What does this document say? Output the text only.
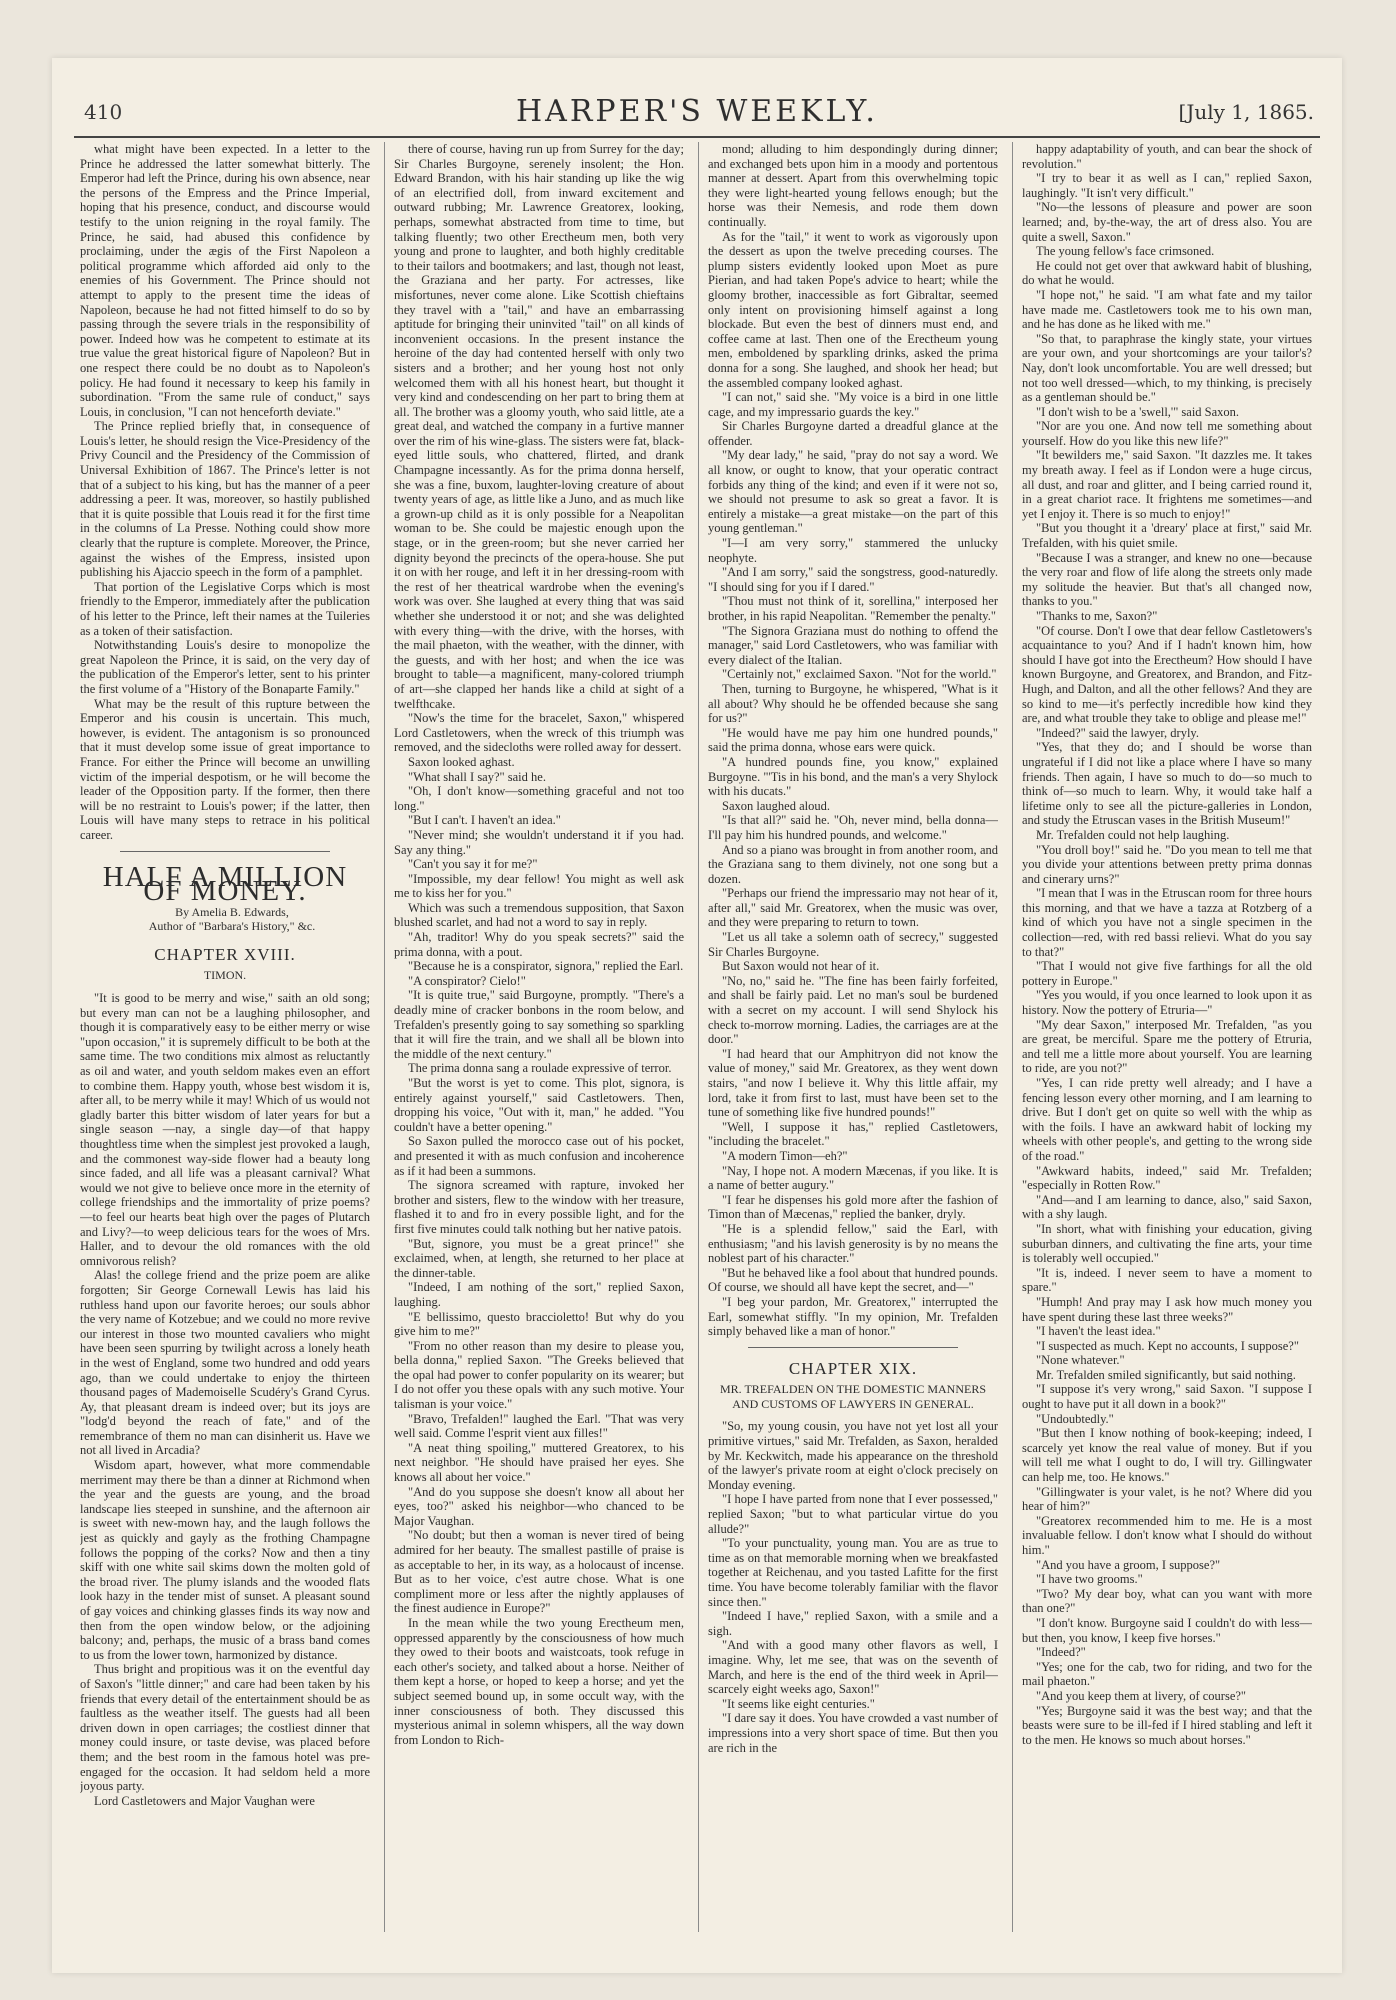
410	HARPER'S WEEKLY.	[July 1, 1865.

what might have been expected. In a letter to the Prince he addressed the latter somewhat bitterly. The Emperor had left the Prince, during his own absence, near the persons of the Empress and the Prince Imperial, hoping that his presence, conduct, and discourse would testify to the union reigning in the royal family. The Prince, he said, had abused this confidence by proclaiming, under the ægis of the First Napoleon a political programme which afforded aid only to the enemies of his Government. The Prince should not attempt to apply to the present time the ideas of Napoleon, because he had not fitted himself to do so by passing through the severe trials in the responsibility of power. Indeed how was he competent to estimate at its true value the great historical figure of Napoleon? But in one respect there could be no doubt as to Napoleon's policy. He had found it necessary to keep his family in subordination. "From the same rule of conduct," says Louis, in conclusion, "I can not henceforth deviate."

The Prince replied briefly that, in consequence of Louis's letter, he should resign the Vice-Presidency of the Privy Council and the Presidency of the Commission of Universal Exhibition of 1867. The Prince's letter is not that of a subject to his king, but has the manner of a peer addressing a peer. It was, moreover, so hastily published that it is quite possible that Louis read it for the first time in the columns of La Presse. Nothing could show more clearly that the rupture is complete. Moreover, the Prince, against the wishes of the Empress, insisted upon publishing his Ajaccio speech in the form of a pamphlet.

That portion of the Legislative Corps which is most friendly to the Emperor, immediately after the publication of his letter to the Prince, left their names at the Tuileries as a token of their satisfaction.

Notwithstanding Louis's desire to monopolize the great Napoleon the Prince, it is said, on the very day of the publication of the Emperor's letter, sent to his printer the first volume of a "History of the Bonaparte Family."

What may be the result of this rupture between the Emperor and his cousin is uncertain. This much, however, is evident. The antagonism is so pronounced that it must develop some issue of great importance to France. For either the Prince will become an unwilling victim of the imperial despotism, or he will become the leader of the Opposition party. If the former, then there will be no restraint to Louis's power; if the latter, then Louis will have many steps to retrace in his political career.

HALF A MILLION OF MONEY.

By Amelia B. Edwards,

Author of "Barbara's History," &c.

CHAPTER XVIII.
TIMON.

"It is good to be merry and wise," saith an old song; but every man can not be a laughing philosopher, and though it is comparatively easy to be either merry or wise "upon occasion," it is supremely difficult to be both at the same time. The two conditions mix almost as reluctantly as oil and water, and youth seldom makes even an effort to combine them. Happy youth, whose best wisdom it is, after all, to be merry while it may! Which of us would not gladly barter this bitter wisdom of later years for but a single season —nay, a single day—of that happy thoughtless time when the simplest jest provoked a laugh, and the commonest way-side flower had a beauty long since faded, and all life was a pleasant carnival? What would we not give to believe once more in the eternity of college friendships and the immortality of prize poems?—to feel our hearts beat high over the pages of Plutarch and Livy?—to weep delicious tears for the woes of Mrs. Haller, and to devour the old romances with the old omnivorous relish?

Alas! the college friend and the prize poem are alike forgotten; Sir George Cornewall Lewis has laid his ruthless hand upon our favorite heroes; our souls abhor the very name of Kotzebue; and we could no more revive our interest in those two mounted cavaliers who might have been seen spurring by twilight across a lonely heath in the west of England, some two hundred and odd years ago, than we could undertake to enjoy the thirteen thousand pages of Mademoiselle Scudéry's Grand Cyrus. Ay, that pleasant dream is indeed over; but its joys are "lodg'd beyond the reach of fate," and of the remembrance of them no man can disinherit us. Have we not all lived in Arcadia?

Wisdom apart, however, what more commendable merriment may there be than a dinner at Richmond when the year and the guests are young, and the broad landscape lies steeped in sunshine, and the afternoon air is sweet with new-mown hay, and the laugh follows the jest as quickly and gayly as the frothing Champagne follows the popping of the corks? Now and then a tiny skiff with one white sail skims down the molten gold of the broad river. The plumy islands and the wooded flats look hazy in the tender mist of sunset. A pleasant sound of gay voices and chinking glasses finds its way now and then from the open window below, or the adjoining balcony; and, perhaps, the music of a brass band comes to us from the lower town, harmonized by distance.

Thus bright and propitious was it on the eventful day of Saxon's "little dinner;" and care had been taken by his friends that every detail of the entertainment should be as faultless as the weather itself. The guests had all been driven down in open carriages; the costliest dinner that money could insure, or taste devise, was placed before them; and the best room in the famous hotel was pre-engaged for the occasion. It had seldom held a more joyous party.

Lord Castletowers and Major Vaughan were

there of course, having run up from Surrey for the day; Sir Charles Burgoyne, serenely insolent; the Hon. Edward Brandon, with his hair standing up like the wig of an electrified doll, from inward excitement and outward rubbing; Mr. Lawrence Greatorex, looking, perhaps, somewhat abstracted from time to time, but talking fluently; two other Erectheum men, both very young and prone to laughter, and both highly creditable to their tailors and bootmakers; and last, though not least, the Graziana and her party. For actresses, like misfortunes, never come alone. Like Scottish chieftains they travel with a "tail," and have an embarrassing aptitude for bringing their uninvited "tail" on all kinds of inconvenient occasions. In the present instance the heroine of the day had contented herself with only two sisters and a brother; and her young host not only welcomed them with all his honest heart, but thought it very kind and condescending on her part to bring them at all. The brother was a gloomy youth, who said little, ate a great deal, and watched the company in a furtive manner over the rim of his wine-glass. The sisters were fat, black-eyed little souls, who chattered, flirted, and drank Champagne incessantly. As for the prima donna herself, she was a fine, buxom, laughter-loving creature of about twenty years of age, as little like a Juno, and as much like a grown-up child as it is only possible for a Neapolitan woman to be. She could be majestic enough upon the stage, or in the green-room; but she never carried her dignity beyond the precincts of the opera-house. She put it on with her rouge, and left it in her dressing-room with the rest of her theatrical wardrobe when the evening's work was over. She laughed at every thing that was said whether she understood it or not; and she was delighted with every thing—with the drive, with the horses, with the mail phaeton, with the weather, with the dinner, with the guests, and with her host; and when the ice was brought to table—a magnificent, many-colored triumph of art—she clapped her hands like a child at sight of a twelfthcake.

"Now's the time for the bracelet, Saxon," whispered Lord Castletowers, when the wreck of this triumph was removed, and the sidecloths were rolled away for dessert.

Saxon looked aghast.

"What shall I say?" said he.

"Oh, I don't know—something graceful and not too long."

"But I can't. I haven't an idea."

"Never mind; she wouldn't understand it if you had. Say any thing."

"Can't you say it for me?"

"Impossible, my dear fellow! You might as well ask me to kiss her for you."

Which was such a tremendous supposition, that Saxon blushed scarlet, and had not a word to say in reply.

"Ah, traditor! Why do you speak secrets?" said the prima donna, with a pout.

"Because he is a conspirator, signora," replied the Earl.

"A conspirator? Cielo!"

"It is quite true," said Burgoyne, promptly. "There's a deadly mine of cracker bonbons in the room below, and Trefalden's presently going to say something so sparkling that it will fire the train, and we shall all be blown into the middle of the next century."

The prima donna sang a roulade expressive of terror.

"But the worst is yet to come. This plot, signora, is entirely against yourself," said Castletowers. Then, dropping his voice, "Out with it, man," he added. "You couldn't have a better opening."

So Saxon pulled the morocco case out of his pocket, and presented it with as much confusion and incoherence as if it had been a summons.

The signora screamed with rapture, invoked her brother and sisters, flew to the window with her treasure, flashed it to and fro in every possible light, and for the first five minutes could talk nothing but her native patois.

"But, signore, you must be a great prince!" she exclaimed, when, at length, she returned to her place at the dinner-table.

"Indeed, I am nothing of the sort," replied Saxon, laughing.

"E bellissimo, questo braccioletto! But why do you give him to me?"

"From no other reason than my desire to please you, bella donna," replied Saxon. "The Greeks believed that the opal had power to confer popularity on its wearer; but I do not offer you these opals with any such motive. Your talisman is your voice."

"Bravo, Trefalden!" laughed the Earl. "That was very well said. Comme l'esprit vient aux filles!"

"A neat thing spoiling," muttered Greatorex, to his next neighbor. "He should have praised her eyes. She knows all about her voice."

"And do you suppose she doesn't know all about her eyes, too?" asked his neighbor—who chanced to be Major Vaughan.

"No doubt; but then a woman is never tired of being admired for her beauty. The smallest pastille of praise is as acceptable to her, in its way, as a holocaust of incense. But as to her voice, c'est autre chose. What is one compliment more or less after the nightly applauses of the finest audience in Europe?"

In the mean while the two young Erectheum men, oppressed apparently by the consciousness of how much they owed to their boots and waistcoats, took refuge in each other's society, and talked about a horse. Neither of them kept a horse, or hoped to keep a horse; and yet the subject seemed bound up, in some occult way, with the inner consciousness of both. They discussed this mysterious animal in solemn whispers, all the way down from London to Rich-

mond; alluding to him despondingly during dinner; and exchanged bets upon him in a moody and portentous manner at dessert. Apart from this overwhelming topic they were light-hearted young fellows enough; but the horse was their Nemesis, and rode them down continually.

As for the "tail," it went to work as vigorously upon the dessert as upon the twelve preceding courses. The plump sisters evidently looked upon Moet as pure Pierian, and had taken Pope's advice to heart; while the gloomy brother, inaccessible as fort Gibraltar, seemed only intent on provisioning himself against a long blockade. But even the best of dinners must end, and coffee came at last. Then one of the Erectheum young men, emboldened by sparkling drinks, asked the prima donna for a song. She laughed, and shook her head; but the assembled company looked aghast.

"I can not," said she. "My voice is a bird in one little cage, and my impressario guards the key."

Sir Charles Burgoyne darted a dreadful glance at the offender.

"My dear lady," he said, "pray do not say a word. We all know, or ought to know, that your operatic contract forbids any thing of the kind; and even if it were not so, we should not presume to ask so great a favor. It is entirely a mistake—a great mistake—on the part of this young gentleman."

"I—I am very sorry," stammered the unlucky neophyte.

"And I am sorry," said the songstress, good-naturedly. "I should sing for you if I dared."

"Thou must not think of it, sorellina," interposed her brother, in his rapid Neapolitan. "Remember the penalty."

"The Signora Graziana must do nothing to offend the manager," said Lord Castletowers, who was familiar with every dialect of the Italian.

"Certainly not," exclaimed Saxon. "Not for the world."

Then, turning to Burgoyne, he whispered, "What is it all about? Why should he be offended because she sang for us?"

"He would have me pay him one hundred pounds," said the prima donna, whose ears were quick.

"A hundred pounds fine, you know," explained Burgoyne. "'Tis in his bond, and the man's a very Shylock with his ducats."

Saxon laughed aloud.

"Is that all?" said he. "Oh, never mind, bella donna—I'll pay him his hundred pounds, and welcome."

And so a piano was brought in from another room, and the Graziana sang to them divinely, not one song but a dozen.

"Perhaps our friend the impressario may not hear of it, after all," said Mr. Greatorex, when the music was over, and they were preparing to return to town.

"Let us all take a solemn oath of secrecy," suggested Sir Charles Burgoyne.

But Saxon would not hear of it.

"No, no," said he. "The fine has been fairly forfeited, and shall be fairly paid. Let no man's soul be burdened with a secret on my account. I will send Shylock his check to-morrow morning. Ladies, the carriages are at the door."

"I had heard that our Amphitryon did not know the value of money," said Mr. Greatorex, as they went down stairs, "and now I believe it. Why this little affair, my lord, take it from first to last, must have been set to the tune of something like five hundred pounds!"

"Well, I suppose it has," replied Castletowers, "including the bracelet."

"A modern Timon—eh?"

"Nay, I hope not. A modern Mæcenas, if you like. It is a name of better augury."

"I fear he dispenses his gold more after the fashion of Timon than of Mæcenas," replied the banker, dryly.

"He is a splendid fellow," said the Earl, with enthusiasm; "and his lavish generosity is by no means the noblest part of his character."

"But he behaved like a fool about that hundred pounds. Of course, we should all have kept the secret, and—"

"I beg your pardon, Mr. Greatorex," interrupted the Earl, somewhat stiffly. "In my opinion, Mr. Trefalden simply behaved like a man of honor."

CHAPTER XIX.
MR. TREFALDEN ON THE DOMESTIC MANNERS AND CUSTOMS OF LAWYERS IN GENERAL.

"So, my young cousin, you have not yet lost all your primitive virtues," said Mr. Trefalden, as Saxon, heralded by Mr. Keckwitch, made his appearance on the threshold of the lawyer's private room at eight o'clock precisely on Monday evening.

"I hope I have parted from none that I ever possessed," replied Saxon; "but to what particular virtue do you allude?"

"To your punctuality, young man. You are as true to time as on that memorable morning when we breakfasted together at Reichenau, and you tasted Lafitte for the first time. You have become tolerably familiar with the flavor since then."

"Indeed I have," replied Saxon, with a smile and a sigh.

"And with a good many other flavors as well, I imagine. Why, let me see, that was on the seventh of March, and here is the end of the third week in April—scarcely eight weeks ago, Saxon!"

"It seems like eight centuries."

"I dare say it does. You have crowded a vast number of impressions into a very short space of time. But then you are rich in the

happy adaptability of youth, and can bear the shock of revolution."

"I try to bear it as well as I can," replied Saxon, laughingly. "It isn't very difficult."

"No—the lessons of pleasure and power are soon learned; and, by-the-way, the art of dress also. You are quite a swell, Saxon."

The young fellow's face crimsoned.

He could not get over that awkward habit of blushing, do what he would.

"I hope not," he said. "I am what fate and my tailor have made me. Castletowers took me to his own man, and he has done as he liked with me."

"So that, to paraphrase the kingly state, your virtues are your own, and your shortcomings are your tailor's? Nay, don't look uncomfortable. You are well dressed; but not too well dressed—which, to my thinking, is precisely as a gentleman should be."

"I don't wish to be a 'swell,'" said Saxon.

"Nor are you one. And now tell me something about yourself. How do you like this new life?"

"It bewilders me," said Saxon. "It dazzles me. It takes my breath away. I feel as if London were a huge circus, all dust, and roar and glitter, and I being carried round it, in a great chariot race. It frightens me sometimes—and yet I enjoy it. There is so much to enjoy!"

"But you thought it a 'dreary' place at first," said Mr. Trefalden, with his quiet smile.

"Because I was a stranger, and knew no one—because the very roar and flow of life along the streets only made my solitude the heavier. But that's all changed now, thanks to you."

"Thanks to me, Saxon?"

"Of course. Don't I owe that dear fellow Castletowers's acquaintance to you? And if I hadn't known him, how should I have got into the Erectheum? How should I have known Burgoyne, and Greatorex, and Brandon, and Fitz-Hugh, and Dalton, and all the other fellows? And they are so kind to me—it's perfectly incredible how kind they are, and what trouble they take to oblige and please me!"

"Indeed?" said the lawyer, dryly.

"Yes, that they do; and I should be worse than ungrateful if I did not like a place where I have so many friends. Then again, I have so much to do—so much to think of—so much to learn. Why, it would take half a lifetime only to see all the picture-galleries in London, and study the Etruscan vases in the British Museum!"

Mr. Trefalden could not help laughing.

"You droll boy!" said he. "Do you mean to tell me that you divide your attentions between pretty prima donnas and cinerary urns?"

"I mean that I was in the Etruscan room for three hours this morning, and that we have a tazza at Rotzberg of a kind of which you have not a single specimen in the collection—red, with red bassi relievi. What do you say to that?"

"That I would not give five farthings for all the old pottery in Europe."

"Yes you would, if you once learned to look upon it as history. Now the pottery of Etruria—"

"My dear Saxon," interposed Mr. Trefalden, "as you are great, be merciful. Spare me the pottery of Etruria, and tell me a little more about yourself. You are learning to ride, are you not?"

"Yes, I can ride pretty well already; and I have a fencing lesson every other morning, and I am learning to drive. But I don't get on quite so well with the whip as with the foils. I have an awkward habit of locking my wheels with other people's, and getting to the wrong side of the road."

"Awkward habits, indeed," said Mr. Trefalden; "especially in Rotten Row."

"And—and I am learning to dance, also," said Saxon, with a shy laugh.

"In short, what with finishing your education, giving suburban dinners, and cultivating the fine arts, your time is tolerably well occupied."

"It is, indeed. I never seem to have a moment to spare."

"Humph! And pray may I ask how much money you have spent during these last three weeks?"

"I haven't the least idea."

"I suspected as much. Kept no accounts, I suppose?"

"None whatever."

Mr. Trefalden smiled significantly, but said nothing.

"I suppose it's very wrong," said Saxon. "I suppose I ought to have put it all down in a book?"

"Undoubtedly."

"But then I know nothing of book-keeping; indeed, I scarcely yet know the real value of money. But if you will tell me what I ought to do, I will try. Gillingwater can help me, too. He knows."

"Gillingwater is your valet, is he not? Where did you hear of him?"

"Greatorex recommended him to me. He is a most invaluable fellow. I don't know what I should do without him."

"And you have a groom, I suppose?"

"I have two grooms."

"Two? My dear boy, what can you want with more than one?"

"I don't know. Burgoyne said I couldn't do with less—but then, you know, I keep five horses."

"Indeed?"

"Yes; one for the cab, two for riding, and two for the mail phaeton."

"And you keep them at livery, of course?"

"Yes; Burgoyne said it was the best way; and that the beasts were sure to be ill-fed if I hired stabling and left it to the men. He knows so much about horses."
